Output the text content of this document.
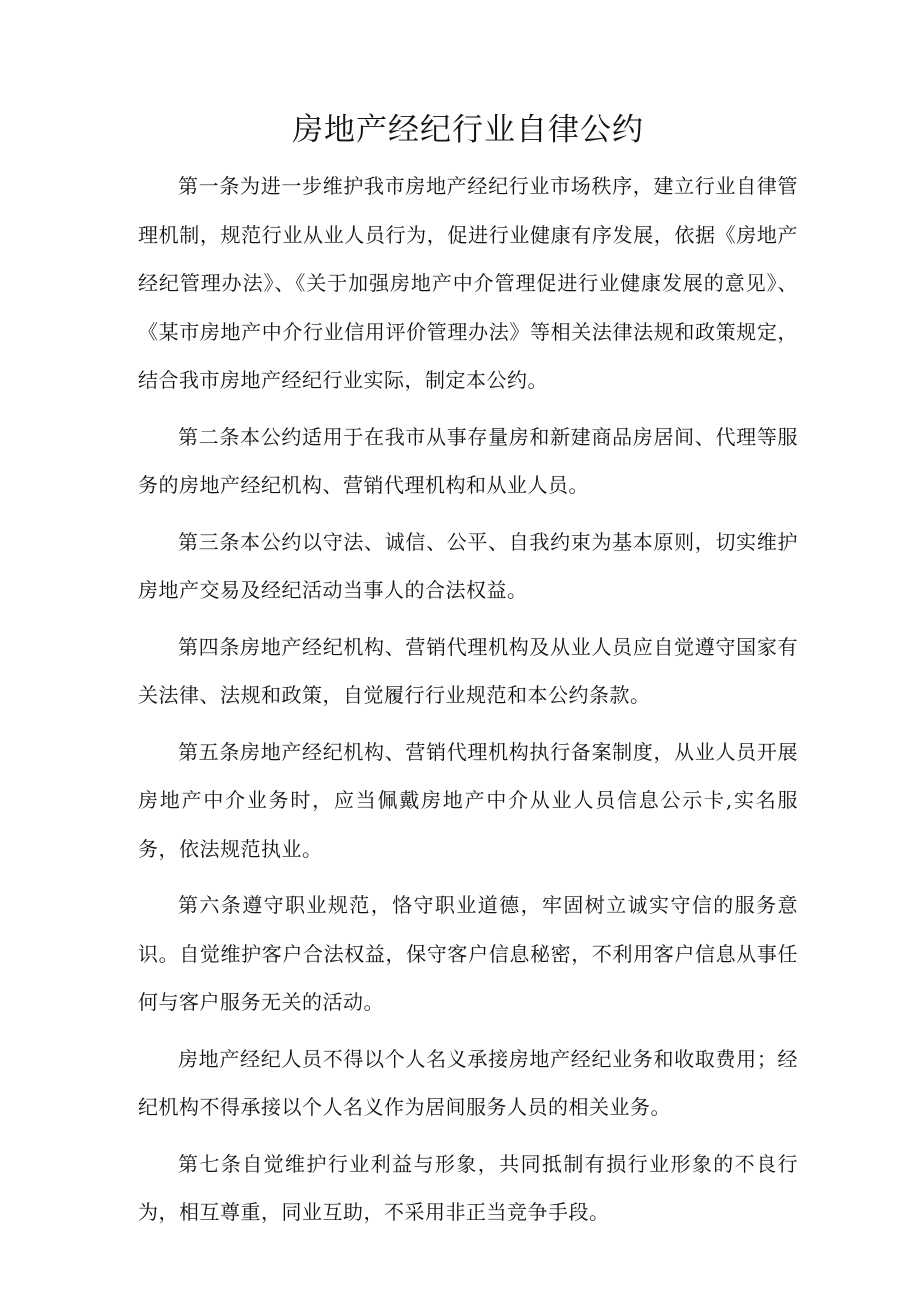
房地产经纪行业自律公约

第一条为进一步维护我市房地产经纪行业市场秩序，建立行业自律管理机制，规范行业从业人员行为，促进行业健康有序发展，依据《房地产经纪管理办法》、《关于加强房地产中介管理促进行业健康发展的意见》、《某市房地产中介行业信用评价管理办法》等相关法律法规和政策规定，结合我市房地产经纪行业实际，制定本公约。

第二条本公约适用于在我市从事存量房和新建商品房居间、代理等服务的房地产经纪机构、营销代理机构和从业人员。

第三条本公约以守法、诚信、公平、自我约束为基本原则，切实维护房地产交易及经纪活动当事人的合法权益。

第四条房地产经纪机构、营销代理机构及从业人员应自觉遵守国家有关法律、法规和政策，自觉履行行业规范和本公约条款。

第五条房地产经纪机构、营销代理机构执行备案制度，从业人员开展房地产中介业务时，应当佩戴房地产中介从业人员信息公示卡,实名服务，依法规范执业。

第六条遵守职业规范，恪守职业道德，牢固树立诚实守信的服务意识。自觉维护客户合法权益，保守客户信息秘密，不利用客户信息从事任何与客户服务无关的活动。

房地产经纪人员不得以个人名义承接房地产经纪业务和收取费用；经纪机构不得承接以个人名义作为居间服务人员的相关业务。

第七条自觉维护行业利益与形象，共同抵制有损行业形象的不良行为，相互尊重，同业互助，不采用非正当竞争手段。
